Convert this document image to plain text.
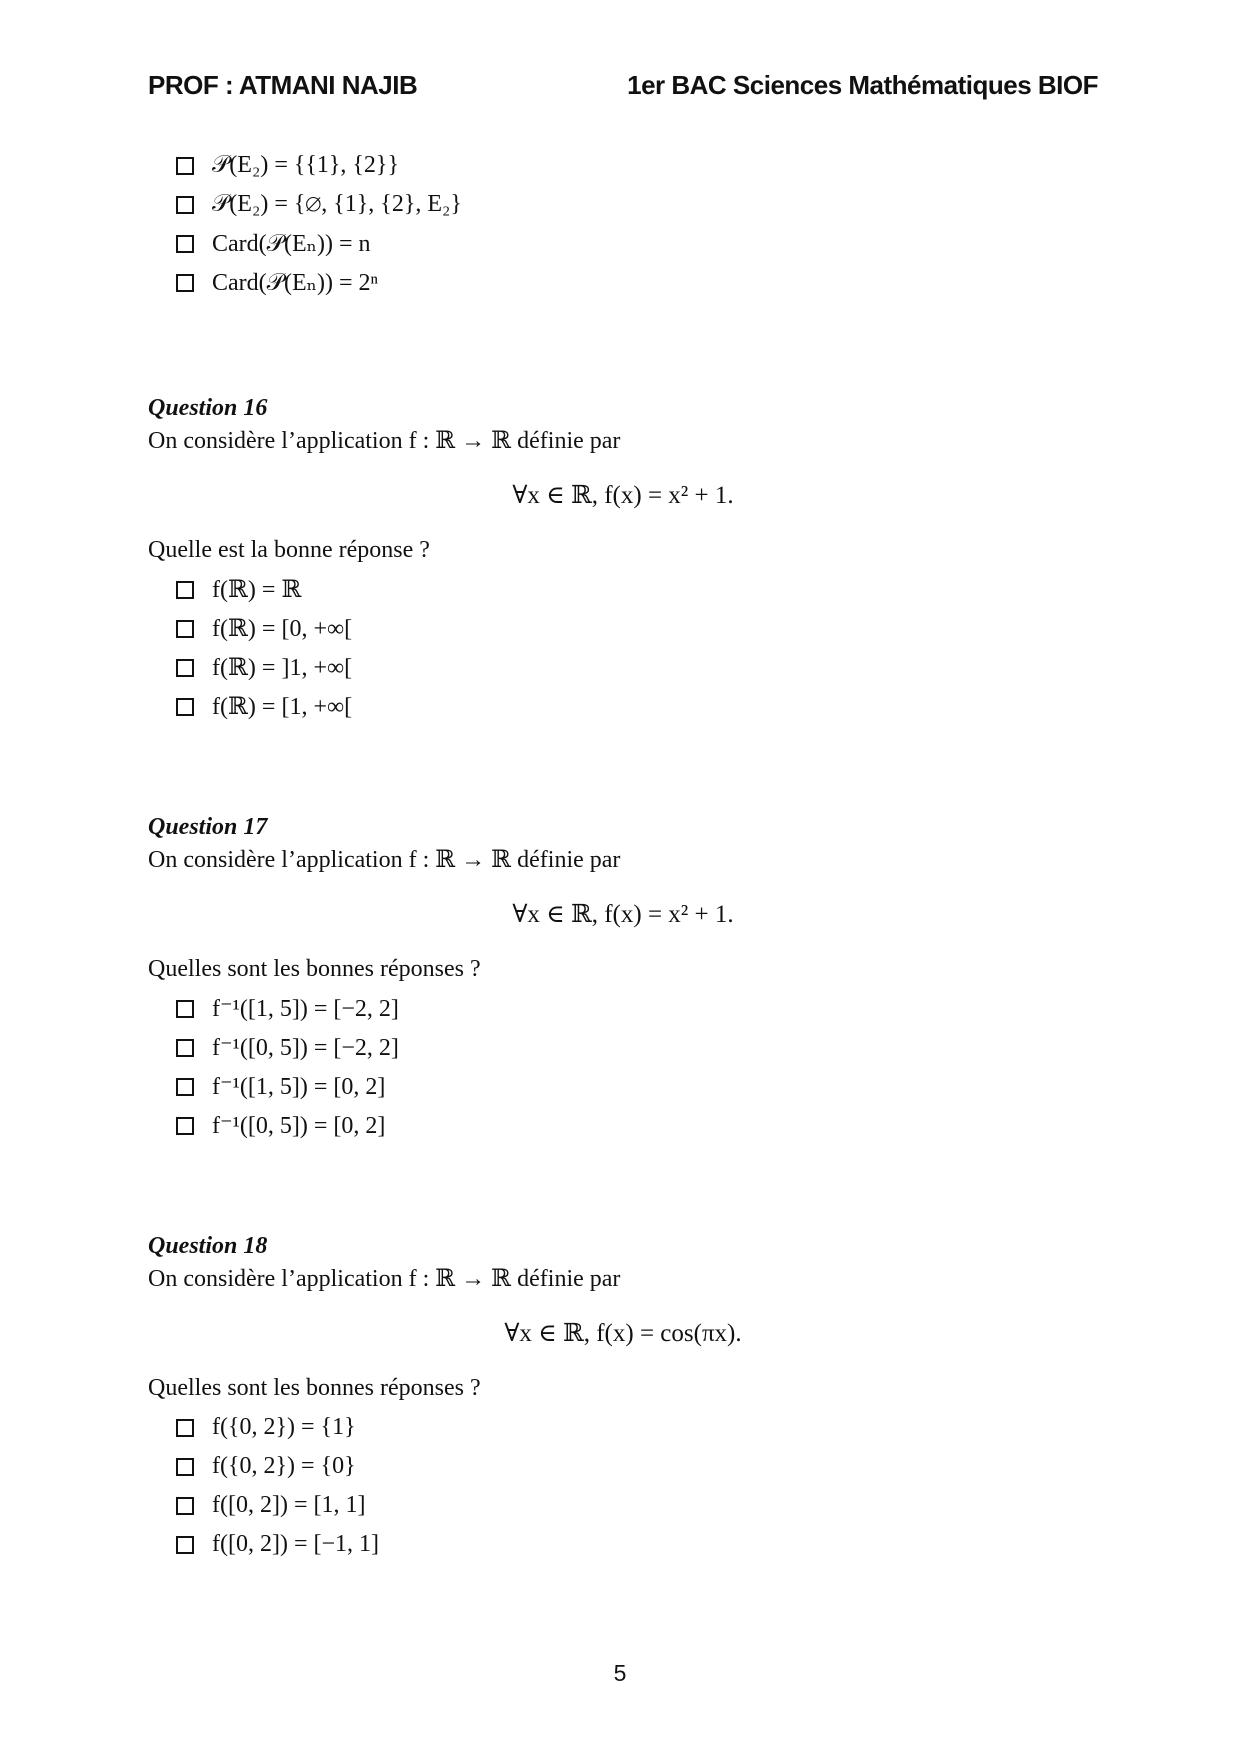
PROF : ATMANI NAJIB	1er BAC Sciences Mathématiques BIOF
𝒫(E₂) = {{1}, {2}}
𝒫(E₂) = {∅, {1}, {2}, E₂}
Card(𝒫(Eₙ)) = n
Card(𝒫(Eₙ)) = 2ⁿ
Question 16
On considère l’application f : ℝ → ℝ définie par
∀x ∈ ℝ, f(x) = x² + 1.
Quelle est la bonne réponse ?
f(ℝ) = ℝ
f(ℝ) = [0, +∞[
f(ℝ) = ]1, +∞[
f(ℝ) = [1, +∞[
Question 17
On considère l’application f : ℝ → ℝ définie par
∀x ∈ ℝ, f(x) = x² + 1.
Quelles sont les bonnes réponses ?
f⁻¹([1, 5]) = [−2, 2]
f⁻¹([0, 5]) = [−2, 2]
f⁻¹([1, 5]) = [0, 2]
f⁻¹([0, 5]) = [0, 2]
Question 18
On considère l’application f : ℝ → ℝ définie par
∀x ∈ ℝ, f(x) = cos(πx).
Quelles sont les bonnes réponses ?
f({0, 2}) = {1}
f({0, 2}) = {0}
f([0, 2]) = [1, 1]
f([0, 2]) = [−1, 1]
5
